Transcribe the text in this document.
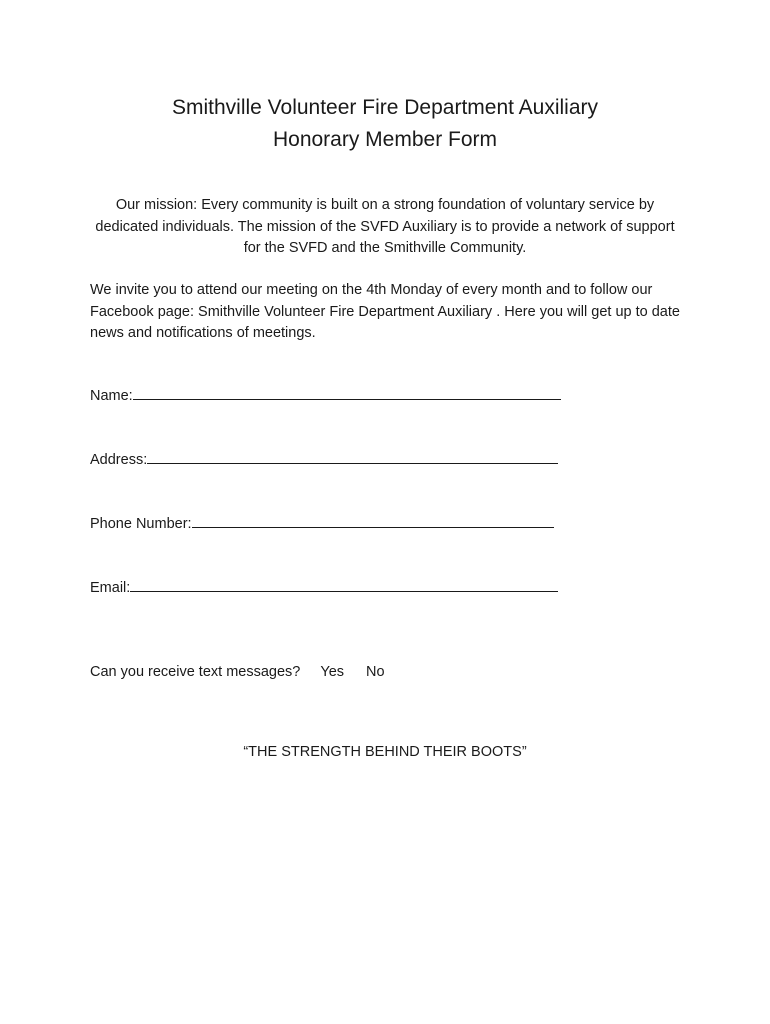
Smithville Volunteer Fire Department Auxiliary
Honorary Member Form

Our mission: Every community is built on a strong foundation of voluntary service by dedicated individuals. The mission of the SVFD Auxiliary is to provide a network of support for the SVFD and the Smithville Community.

We invite you to attend our meeting on the 4th Monday of every month and to follow our Facebook page: Smithville Volunteer Fire Department Auxiliary . Here you will get up to date news and notifications of meetings.

Name:
Address:
Phone Number:
Email:
Can you receive text messages? Yes No

“THE STRENGTH BEHIND THEIR BOOTS”
